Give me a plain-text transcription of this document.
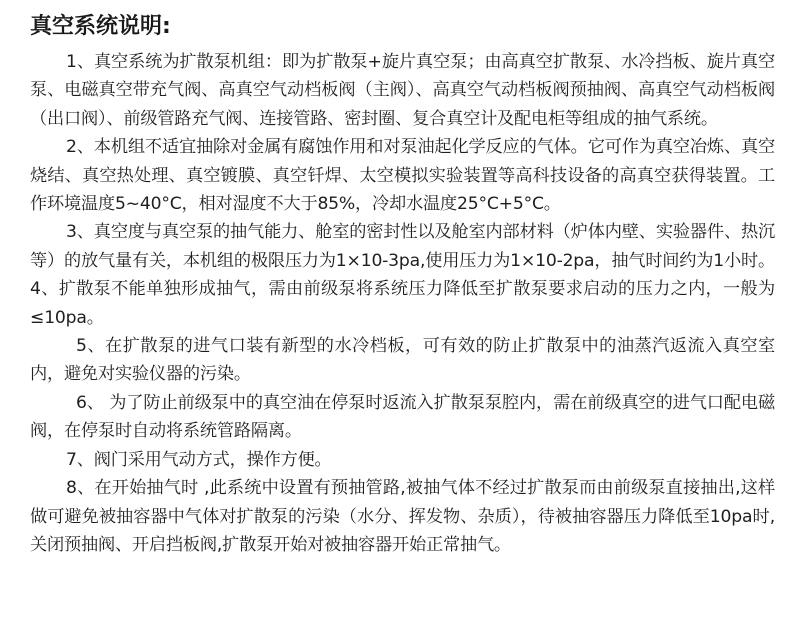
真空系统说明:

1、真空系统为扩散泵机组：即为扩散泵+旋片真空泵；由高真空扩散泵、水冷挡板、旋片真空泵、电磁真空带充气阀、高真空气动档板阀（主阀）、高真空气动档板阀预抽阀、高真空气动档板阀（出口阀）、前级管路充气阀、连接管路、密封圈、复合真空计及配电柜等组成的抽气系统。

2、本机组不适宜抽除对金属有腐蚀作用和对泵油起化学反应的气体。它可作为真空冶炼、真空烧结、真空热处理、真空镀膜、真空钎焊、太空模拟实验装置等高科技设备的高真空获得装置。工作环境温度5~40°C，相对湿度不大于85%，冷却水温度25°C+5°C。

3、真空度与真空泵的抽气能力、舱室的密封性以及舱室内部材料（炉体内壁、实验器件、热沉等）的放气量有关，本机组的极限压力为1×10-3pa,使用压力为1×10-2pa，抽气时间约为1小时。

4、扩散泵不能单独形成抽气，需由前级泵将系统压力降低至扩散泵要求启动的压力之内，一般为≤10pa。

5、在扩散泵的进气口装有新型的水冷档板，可有效的防止扩散泵中的油蒸汽返流入真空室内，避免对实验仪器的污染。

6、 为了防止前级泵中的真空油在停泵时返流入扩散泵泵腔内，需在前级真空的进气口配电磁阀，在停泵时自动将系统管路隔离。

7、阀门采用气动方式，操作方便。

8、在开始抽气时 ,此系统中设置有预抽管路,被抽气体不经过扩散泵而由前级泵直接抽出,这样做可避免被抽容器中气体对扩散泵的污染（水分、挥发物、杂质），待被抽容器压力降低至10pa时,关闭预抽阀、开启挡板阀,扩散泵开始对被抽容器开始正常抽气。
